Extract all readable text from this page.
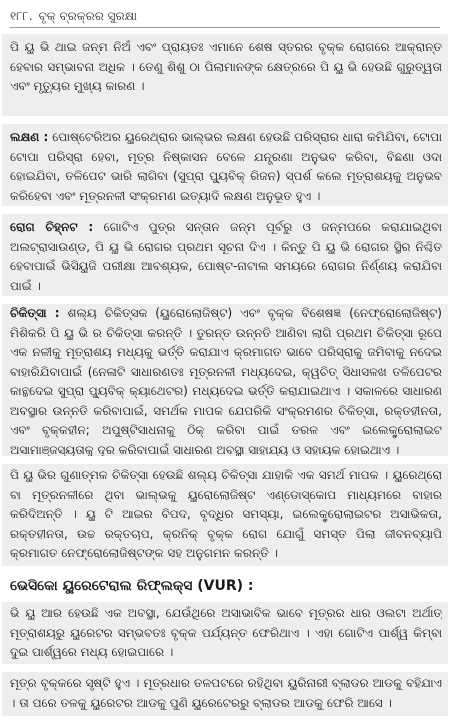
୧୮୮. ବୃକ୍ ବ୍ରକ୍ରର ସୁରକ୍ଷା

ପି ୟୁ ଭି ଥାଇ ଜନ୍ମ ନିଅଁ ଏବଂ ପ୍ରାୟତଃ ଏମାନେ ଶେଷ ସ୍ତରର ବୃକ୍କ ରୋଗରେ ଆକ୍ରାନ୍ତ ହେବାର ସମ୍ଭାବନା ଅଧିକ । ତେଣୁ ଶିଶୁ ଠା ପିଲାମାନଙ୍କ କ୍ଷେତ୍ରରେ ପି ୟୁ ଭି ହେଉଛି ଗୁରୁତ୍ୱତା ଏବଂ ମୃତ୍ୟୁର ମୁଖ୍ୟ କାରଣ ।

ଲକ୍ଷଣ : ପୋଷ୍ଟେରିଅର ୟୁରେଥ୍ରାର ଭାଲ୍ଭର ଲକ୍ଷଣ ହେଉଛି ପରିସ୍ରାର ଧାରା କମିଯିବା, ଟୋପା ଟୋପା ପରିସ୍ରା ହେବା, ମୂତ୍ର ନିଷ୍କାସନ ବେଳେ ଯନ୍ତ୍ରଣା ଅନୁଭବ କରିବା, ବିଛଣା ଓଦା ହୋଇଯିବା, ତଳିପେଟ ଭାରି ଲାଗିବା (ସୁପ୍ରା ପ୍ୟୁବିକ୍ ରିଜନ) ସ୍ପର୍ଶ କଲେ ମୂତ୍ରାଶୟକୁ ଅନୁଭବ କରିହେବା ଏବଂ ମୂତ୍ରନଳୀ ସଂକ୍ରମଣ ଇତ୍ୟାଦି ଲକ୍ଷଣ ଅନୁଭୂତ ହୁଏ ।

ରୋଗ ଚିହ୍ନଟ : ଗୋଟିଏ ପୁତ୍ର ସନ୍ତାନ ଜନ୍ମ ପୂର୍ବରୁ ଓ ଜନ୍ମପରେ କରାଯାଇଥିବା ଅଲଟ୍ରାସାଉଣ୍ଡ, ପି ୟୁ ଭି ରୋଗର ପ୍ରଥମ ସୂଚନା ଦିଏ । କିନ୍ତୁ ପି ୟୁ ଭି ରୋଗର ସ୍ଥିର ନିଶ୍ଚିତ ହେବାପାଇଁ ଭିସିୟୁଜି ପରୀକ୍ଷା ଆବଶ୍ୟକ, ପୋଷ୍ଟ-ନାଟାଲ ସମୟରେ ରୋଗର ନିର୍ଣ୍ଣୟ କରାଯିବା ପାଇଁ ।

ଚିକିତ୍ସା : ଶଲ୍ୟ ଚିକିତ୍ସକ (ୟୁରୋଲୋଜିଷ୍ଟ) ଏବଂ ବୃକ୍କ ବିଶେଷଜ୍ଞ (ନେଫ୍ରୋଲୋଜିଷ୍ଟ) ମିଶିକରି ପି ୟୁ ଭି ର ଚିକିତ୍ସା କରନ୍ତି । ତୁରନ୍ତ ଉନ୍ନତି ଆଣିବା ଲାଗି ପ୍ରଥମ ଚିକିତ୍ସା ରୂପେ ଏକ ନଳୀକୁ ମୂତ୍ରାଶୟ ମଧ୍ୟକୁ ଭର୍ତ୍ତି କରାଯାଏ କ୍ରମାଗତ ଭାବେ ପରିସ୍ରାକୁ ଜମିବାକୁ ନଦେଇ ବାହାରିଯିବାପାଇଁ (ନେଳାଟି ସାଧାରଣତଃ ମୂତ୍ରନଳୀ ମଧ୍ୟଦେଇ, କ୍ୱଚିତ୍ ସିଧାସଳଖ ତଳିପେଟର କାନ୍ଥଦେଇ ସୁପ୍ରା ପ୍ୟୁବିକ୍ କ୍ୟାଥେଟର) ମଧ୍ୟଦେଇ ଭର୍ତ୍ତି କରାଯାଇଥାଏ । ସକାଳରେ ସାଧାରଣ ଅବସ୍ଥାର ଉନ୍ନତି କରିବାପାଇଁ, ସମର୍ଥକ ମାପକ ଯେପରିକି ସଂକ୍ରମଣର ଚିକିତ୍ସା, ରକ୍ତହୀନତା, ଏବଂ ବୃକ୍କହୀନ; ଅପୁଷ୍ଟିସାଧନାକୁ ଠିକ୍ କରିବା ପାଇଁ ତରଳ ଏବଂ ଇଲେକ୍ଟ୍ରୋଲାଇଟ ଅସାମାଞ୍ଜସ୍ୟତାକୁ ଦୂର କରିବାପାଇଁ ସାଧାରଣ ଅବସ୍ଥା ସାହାଯ୍ୟ ଓ ସହାୟକ ହୋଇଥାଏ ।

ପି ୟୁ ଭିର ଗୁଣାତ୍ମକ ଚିକିତ୍ସା ହେଉଛି ଶଲ୍ୟ ଚିକିତ୍ସା ଯାହାକି ଏକ ସମର୍ଥ ମାପକ । ୟୁରେଥ୍ରୋ ବା ମୂତ୍ରନଳୀରେ ଥିବା ଭାଲ୍ଭକୁ ୟୁରୋଲୋଜିଷ୍ଟ ଏଣ୍ଡୋସ୍କୋପ ମାଧ୍ୟମରେ ବାହାର କରିଦିଅନ୍ତି । ୟୁ ଟି ଆଇର ବିପଦ, ବୃଦ୍ଧିର ସମସ୍ୟା, ଇଲେକ୍ଟ୍ରୋଲାଇଟର ଅସାଭିକତା, ରକ୍ତହୀନତା, ଉଚ୍ଚ ରକ୍ତଚାପ, କ୍ରନିକ୍ ବୃକ୍କ ରୋଗ ଯୋଗୁଁ ସମସ୍ତ ପିଲା ଜୀବନବ୍ୟାପି କ୍ରମାଗତ ନେଫ୍ରୋଲୋଜିଷ୍ଟଙ୍କ ସହ ଅନୁଗମନ କରନ୍ତି ।

ଭେସିକୋ ୟୁରେଟେରାଲ ରିଫ୍ଲକ୍ସ (VUR) :

ଭି ୟୁ ଆର ହେଉଛି ଏକ ଅବସ୍ଥା, ଯେଉଁଥିରେ ଅସାଭାବିକ ଭାବେ ମୂତ୍ରର ଧାର ଓଲଟା ଅର୍ଥାତ୍ ମୂତ୍ରାଶୟରୁ ୟୁରେଟର ସମ୍ଭବତଃ ବୃକ୍କ ପର୍ଯ୍ୟନ୍ତ ଫେରିଥାଏ । ଏହା ଗୋଟିଏ ପାର୍ଶ୍ୱ କିମ୍ବା ଦୁଇ ପାର୍ଶ୍ୱରେ ମଧ୍ୟ ହୋଇପାରେ ।

ମୂତ୍ର ବୃକ୍କରେ ସୃଷ୍ଟି ହୁଏ । ମୂତ୍ରଧାର ତଳପଟରେ ରହିଥିବା ୟୁରିନାରୀ ବ୍ଲାଡର ଆଡକୁ ବହିଯାଏ । ତା ପରେ ତଳକୁ ୟୁରେଟର ଆଡକୁ ପୁଣି ୟୁରେଟେରରୁ ବ୍ଲାଡର ଆଡକୁ ଫେରି ଆସେ ।
